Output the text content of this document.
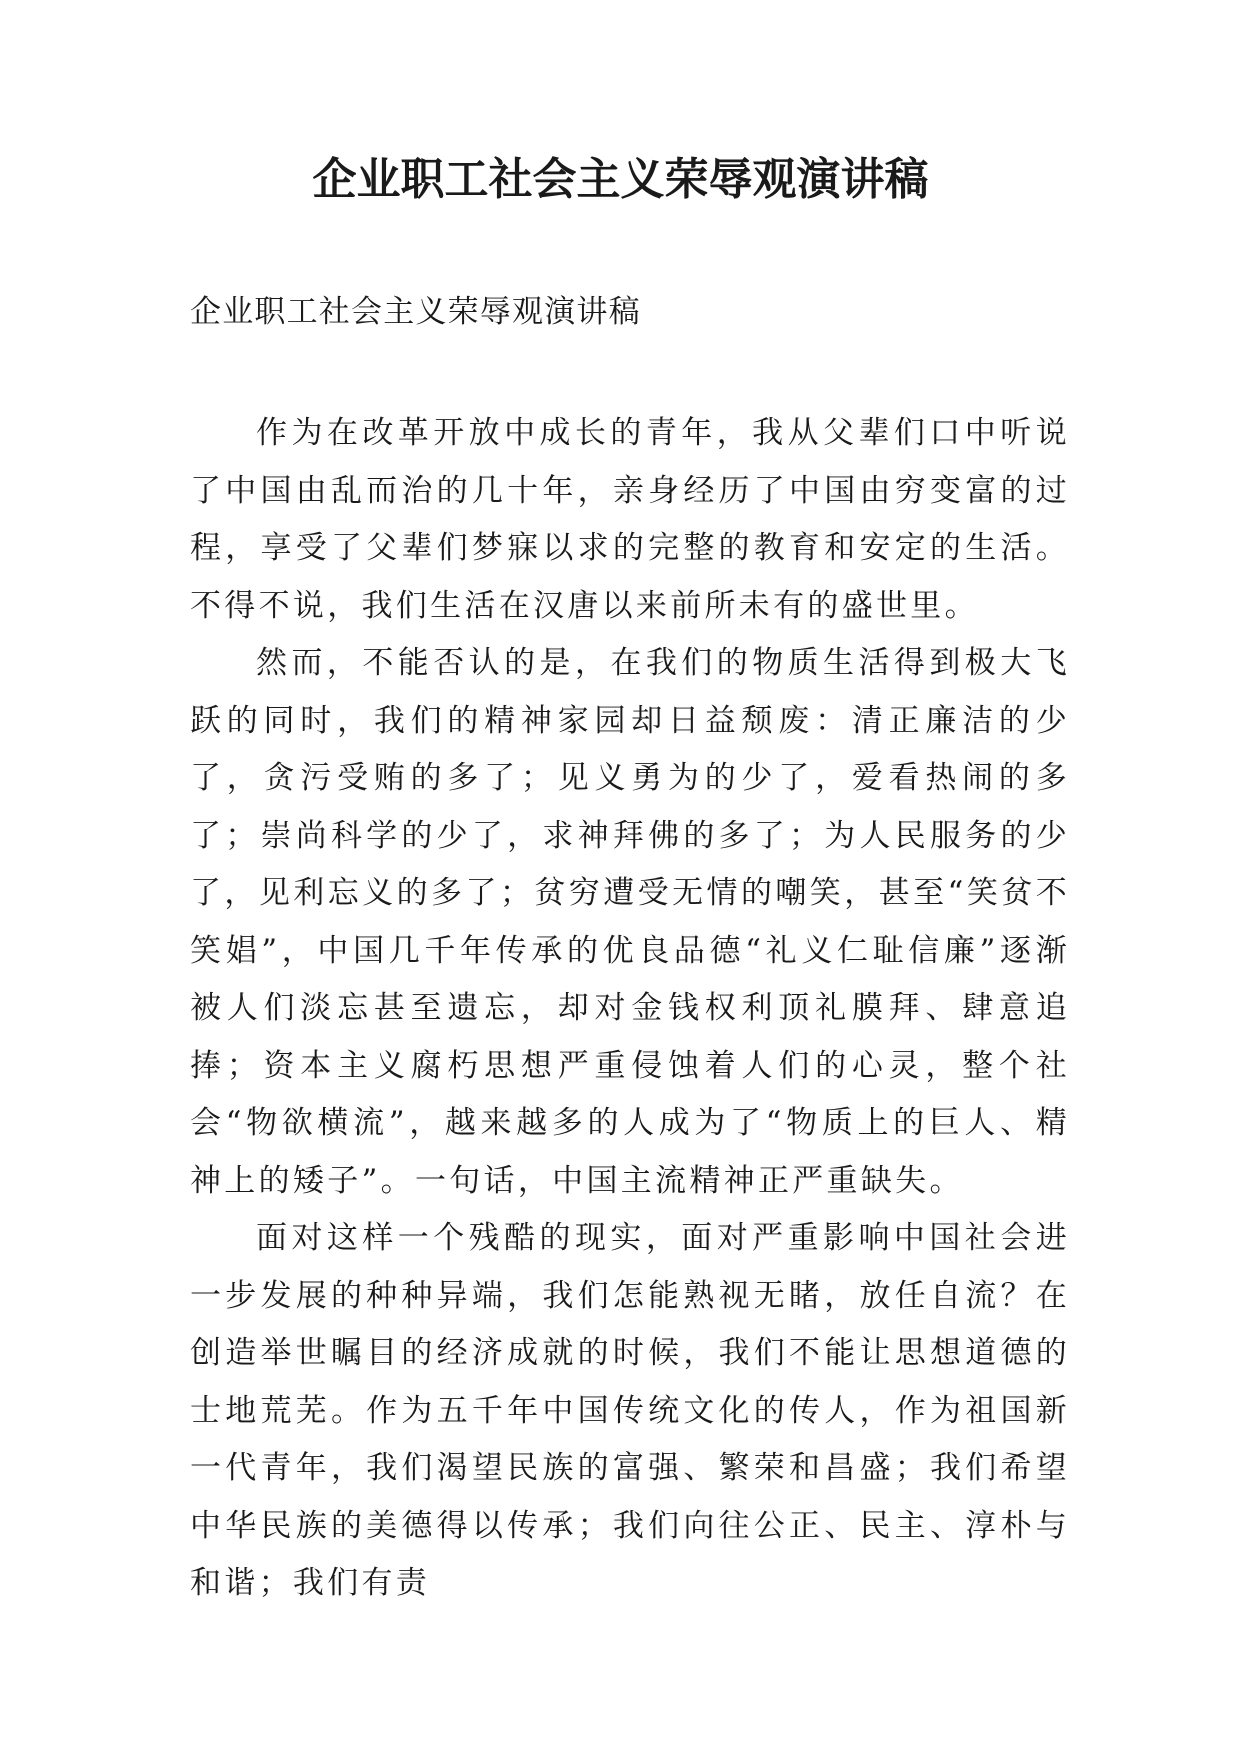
企业职工社会主义荣辱观演讲稿

企业职工社会主义荣辱观演讲稿

作为在改革开放中成长的青年，我从父辈们口中听说了中国由乱而治的几十年，亲身经历了中国由穷变富的过程，享受了父辈们梦寐以求的完整的教育和安定的生活。不得不说，我们生活在汉唐以来前所未有的盛世里。

然而，不能否认的是，在我们的物质生活得到极大飞跃的同时，我们的精神家园却日益颓废：清正廉洁的少了，贪污受贿的多了；见义勇为的少了，爱看热闹的多了；崇尚科学的少了，求神拜佛的多了；为人民服务的少了，见利忘义的多了；贫穷遭受无情的嘲笑，甚至“笑贫不笑娼”，中国几千年传承的优良品德“礼义仁耻信廉”逐渐被人们淡忘甚至遗忘，却对金钱权利顶礼膜拜、肆意追捧；资本主义腐朽思想严重侵蚀着人们的心灵，整个社会“物欲横流”，越来越多的人成为了“物质上的巨人、精神上的矮子”。一句话，中国主流精神正严重缺失。

面对这样一个残酷的现实，面对严重影响中国社会进一步发展的种种异端，我们怎能熟视无睹，放任自流？在创造举世瞩目的经济成就的时候，我们不能让思想道德的士地荒芜。作为五千年中国传统文化的传人，作为祖国新一代青年，我们渴望民族的富强、繁荣和昌盛；我们希望中华民族的美德得以传承；我们向往公正、民主、淳朴与和谐；我们有责
